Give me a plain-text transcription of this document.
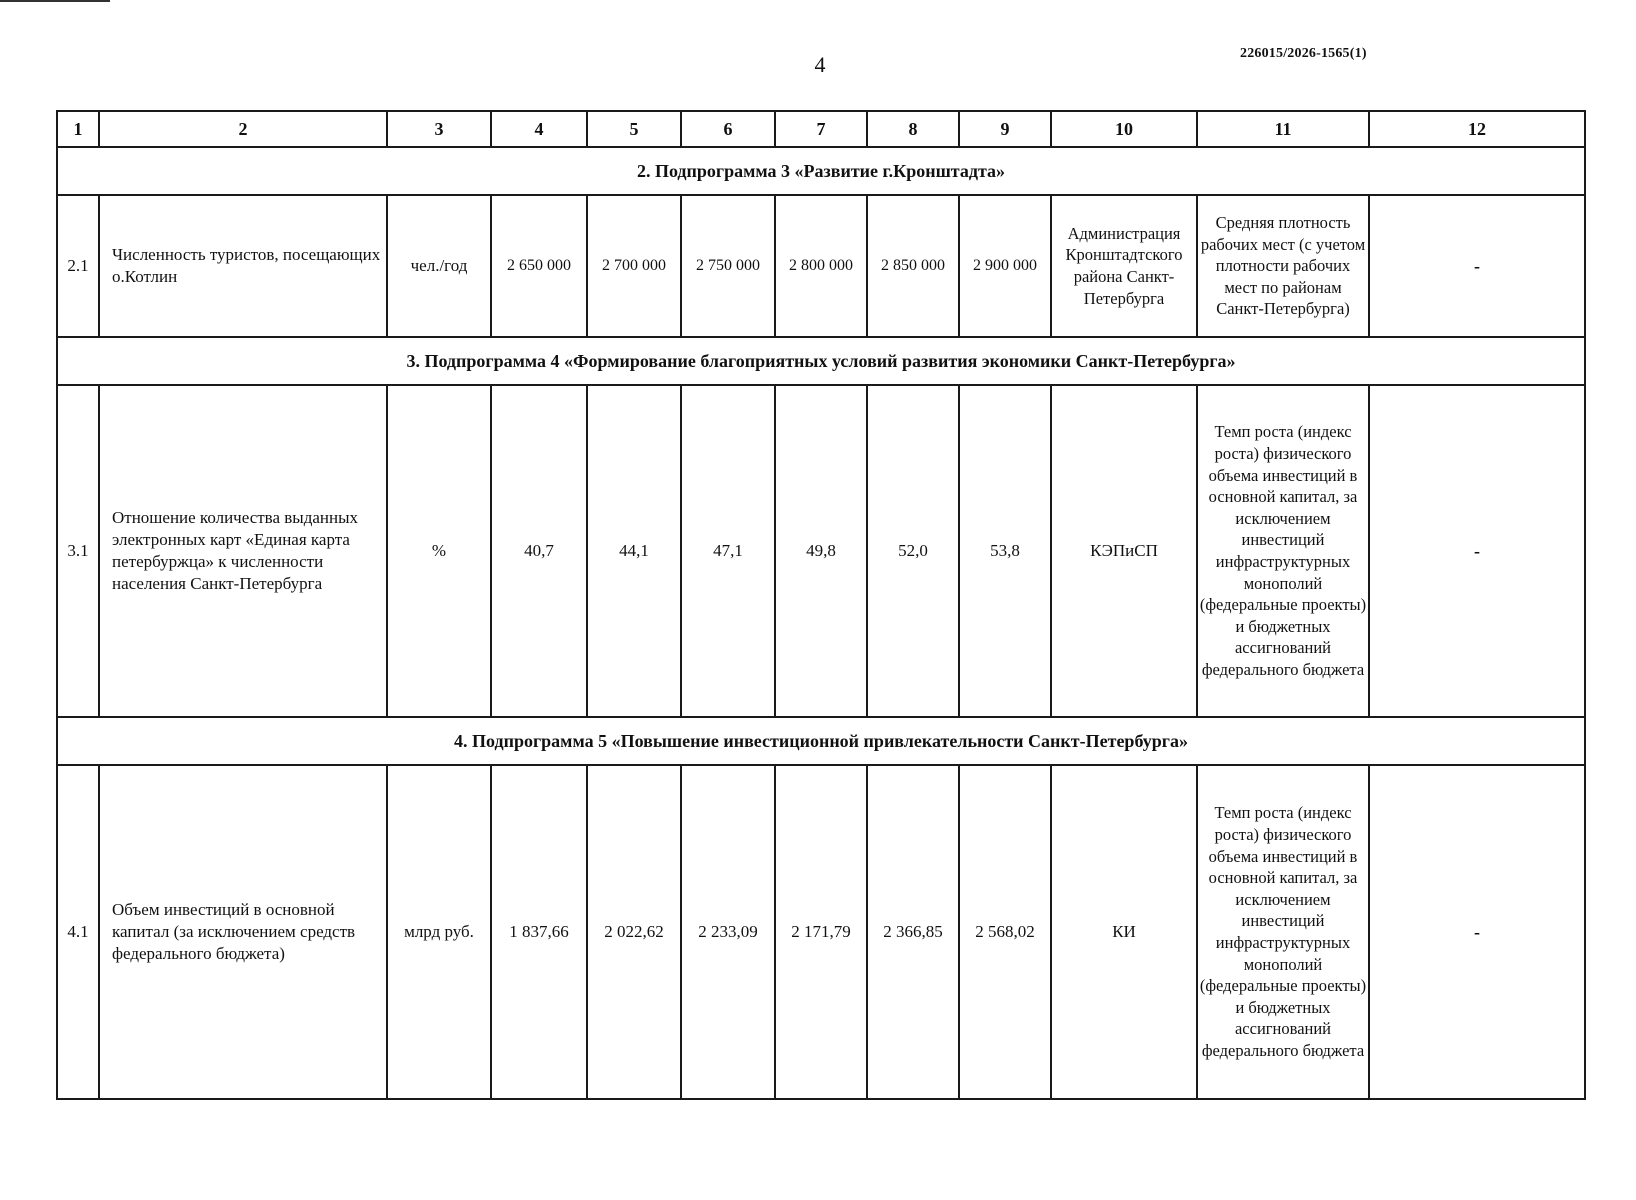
4	226015/2026-1565(1)
1	2	3	4	5	6	7	8	9	10	11	12
2. Подпрограмма 3 «Развитие г.Кронштадта»											
2.1	Численность туристов, посещающих о.Котлин	чел./год	2 650 000	2 700 000	2 750 000	2 800 000	2 850 000	2 900 000	Администрация Кронштадтского района Санкт-Петербурга	Средняя плотность рабочих мест (с учетом плотности рабочих мест по районам Санкт-Петербурга)	-
3. Подпрограмма 4 «Формирование благоприятных условий развития экономики Санкт-Петербурга»											
3.1	Отношение количества выданных электронных карт «Единая карта петербуржца» к численности населения Санкт-Петербурга	%	40,7	44,1	47,1	49,8	52,0	53,8	КЭПиСП	Темп роста (индекс роста) физического объема инвестиций в основной капитал, за исключением инвестиций инфраструктурных монополий (федеральные проекты) и бюджетных ассигнований федерального бюджета	-
4. Подпрограмма 5 «Повышение инвестиционной привлекательности Санкт-Петербурга»											
4.1	Объем инвестиций в основной капитал (за исключением средств федерального бюджета)	млрд руб.	1 837,66	2 022,62	2 233,09	2 171,79	2 366,85	2 568,02	КИ	Темп роста (индекс роста) физического объема инвестиций в основной капитал, за исключением инвестиций инфраструктурных монополий (федеральные проекты) и бюджетных ассигнований федерального бюджета	-
